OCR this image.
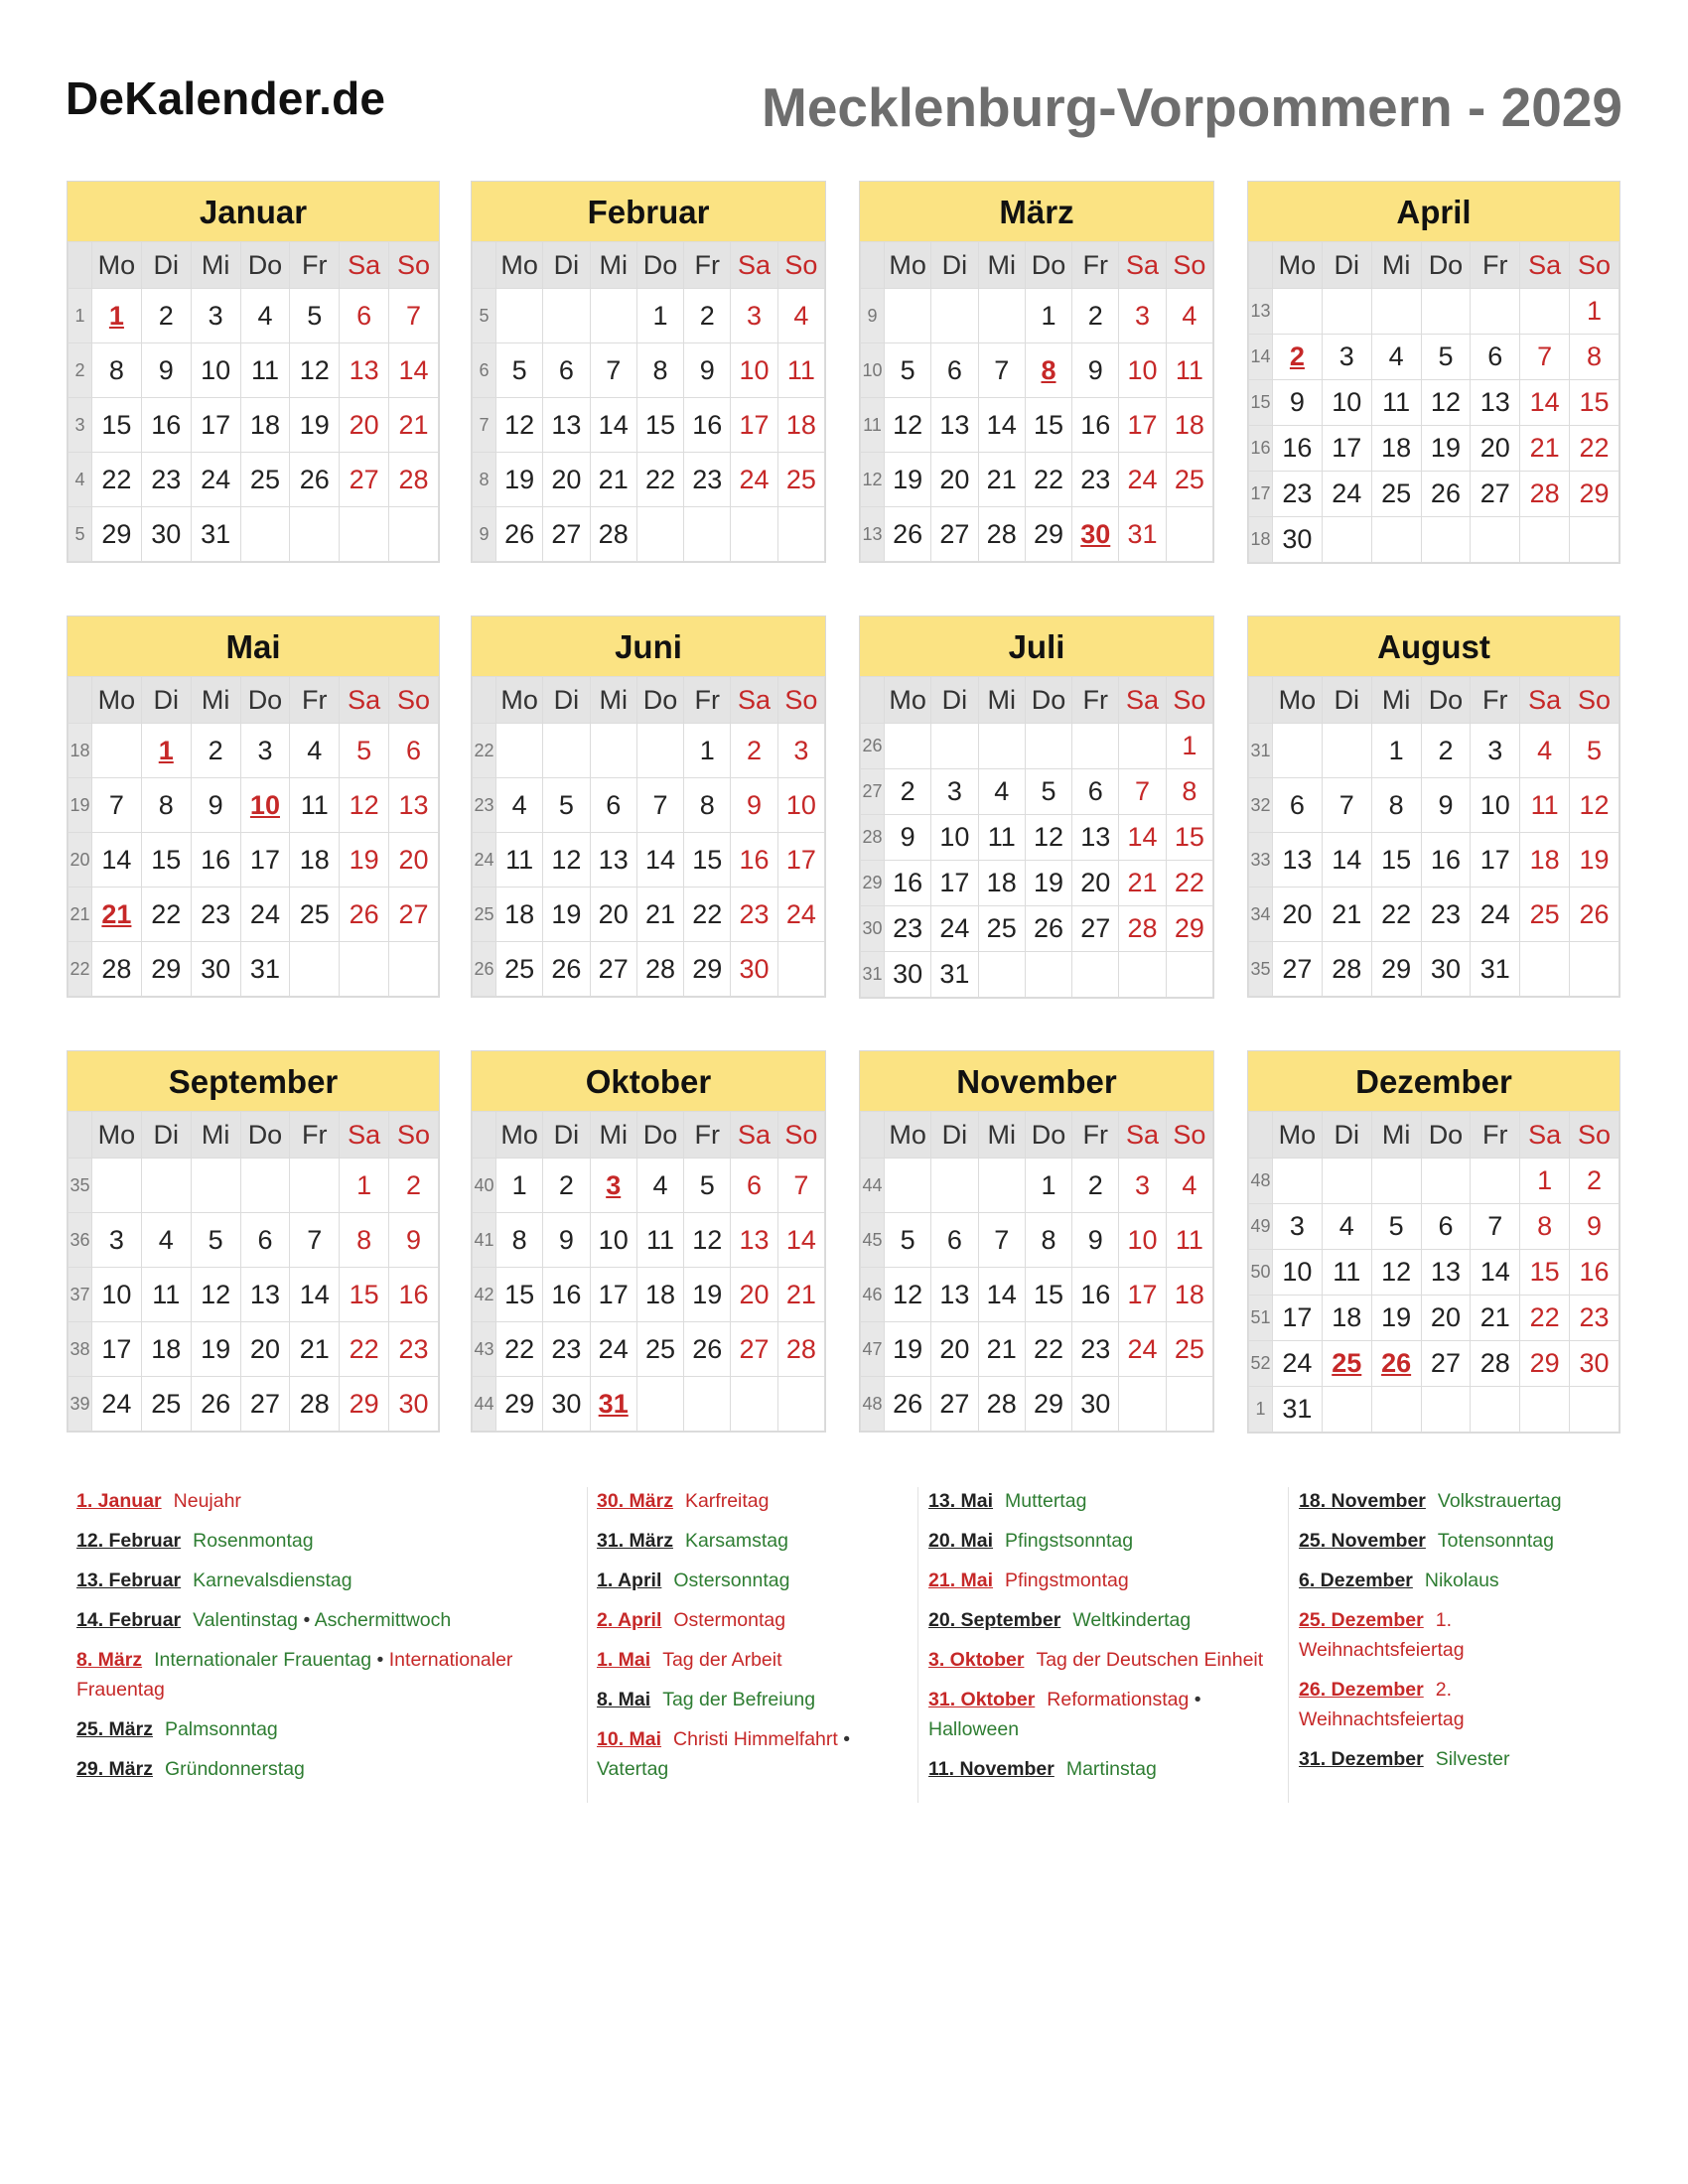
DeKalender.de	Mecklenburg-Vorpommern - 2029
Januar
	Mo	Di	Mi	Do	Fr	Sa	So
1	1	2	3	4	5	6	7
2	8	9	10	11	12	13	14
3	15	16	17	18	19	20	21
4	22	23	24	25	26	27	28
5	29	30	31				
Februar
	Mo	Di	Mi	Do	Fr	Sa	So
5				1	2	3	4
6	5	6	7	8	9	10	11
7	12	13	14	15	16	17	18
8	19	20	21	22	23	24	25
9	26	27	28				
März
	Mo	Di	Mi	Do	Fr	Sa	So
9				1	2	3	4
10	5	6	7	8	9	10	11
11	12	13	14	15	16	17	18
12	19	20	21	22	23	24	25
13	26	27	28	29	30	31	
April
	Mo	Di	Mi	Do	Fr	Sa	So
13							1
14	2	3	4	5	6	7	8
15	9	10	11	12	13	14	15
16	16	17	18	19	20	21	22
17	23	24	25	26	27	28	29
18	30						
Mai
	Mo	Di	Mi	Do	Fr	Sa	So
18		1	2	3	4	5	6
19	7	8	9	10	11	12	13
20	14	15	16	17	18	19	20
21	21	22	23	24	25	26	27
22	28	29	30	31			
Juni
	Mo	Di	Mi	Do	Fr	Sa	So
22					1	2	3
23	4	5	6	7	8	9	10
24	11	12	13	14	15	16	17
25	18	19	20	21	22	23	24
26	25	26	27	28	29	30	
Juli
	Mo	Di	Mi	Do	Fr	Sa	So
26							1
27	2	3	4	5	6	7	8
28	9	10	11	12	13	14	15
29	16	17	18	19	20	21	22
30	23	24	25	26	27	28	29
31	30	31					
August
	Mo	Di	Mi	Do	Fr	Sa	So
31			1	2	3	4	5
32	6	7	8	9	10	11	12
33	13	14	15	16	17	18	19
34	20	21	22	23	24	25	26
35	27	28	29	30	31		
September
	Mo	Di	Mi	Do	Fr	Sa	So
35						1	2
36	3	4	5	6	7	8	9
37	10	11	12	13	14	15	16
38	17	18	19	20	21	22	23
39	24	25	26	27	28	29	30
Oktober
	Mo	Di	Mi	Do	Fr	Sa	So
40	1	2	3	4	5	6	7
41	8	9	10	11	12	13	14
42	15	16	17	18	19	20	21
43	22	23	24	25	26	27	28
44	29	30	31				
November
	Mo	Di	Mi	Do	Fr	Sa	So
44				1	2	3	4
45	5	6	7	8	9	10	11
46	12	13	14	15	16	17	18
47	19	20	21	22	23	24	25
48	26	27	28	29	30		
Dezember
	Mo	Di	Mi	Do	Fr	Sa	So
48						1	2
49	3	4	5	6	7	8	9
50	10	11	12	13	14	15	16
51	17	18	19	20	21	22	23
52	24	25	26	27	28	29	30
1	31						
1. Januar Neujahr
12. Februar Rosenmontag
13. Februar Karnevalsdienstag
14. Februar Valentinstag • Aschermittwoch
8. März Internationaler Frauentag • Internationaler Frauentag
25. März Palmsonntag
29. März Gründonnerstag
30. März Karfreitag
31. März Karsamstag
1. April Ostersonntag
2. April Ostermontag
1. Mai Tag der Arbeit
8. Mai Tag der Befreiung
10. Mai Christi Himmelfahrt • Vatertag
13. Mai Muttertag
20. Mai Pfingstsonntag
21. Mai Pfingstmontag
20. September Weltkindertag
3. Oktober Tag der Deutschen Einheit
31. Oktober Reformationstag • Halloween
11. November Martinstag
18. November Volkstrauertag
25. November Totensonntag
6. Dezember Nikolaus
25. Dezember 1. Weihnachtsfeiertag
26. Dezember 2. Weihnachtsfeiertag
31. Dezember Silvester
